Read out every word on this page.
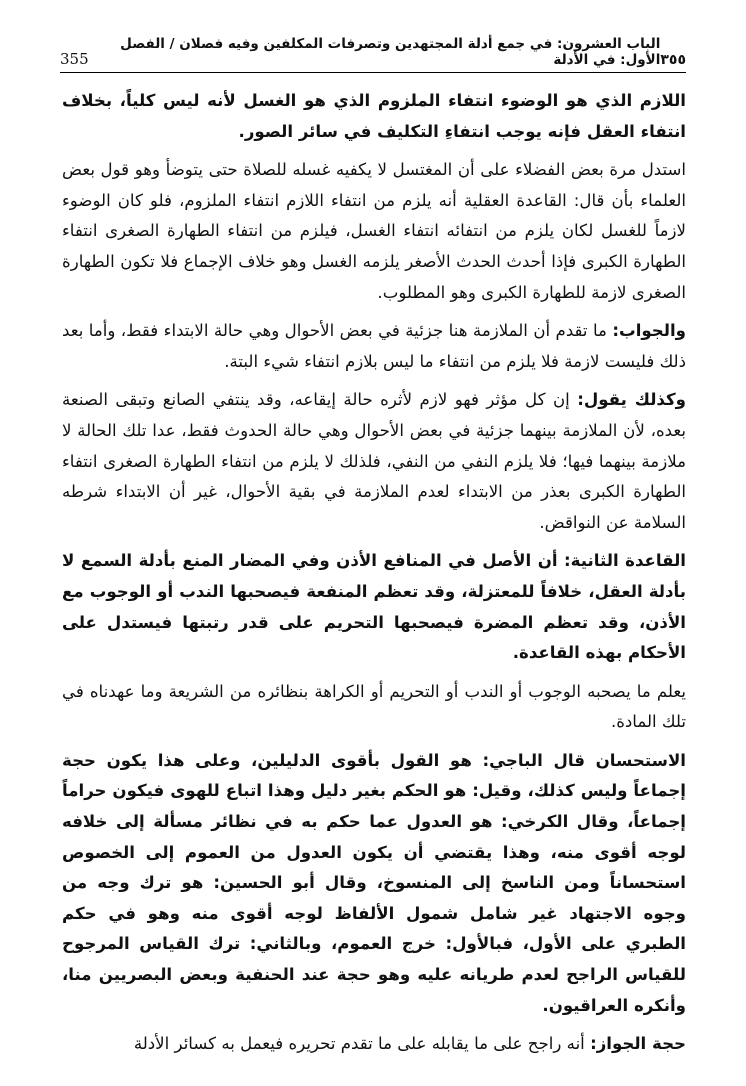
355
الباب العشرون: في جمع أدلة المجتهدين وتصرفات المكلفين وفيه فصلان / الفصل الأول: في الأدلة ٣٥٥

اللازم الذي هو الوضوء انتفاء الملزوم الذي هو الغسل لأنه ليس كلياً، بخلاف انتفاء العقل فإنه يوجب انتفاءِ التكليف في سائر الصور.

استدل مرة بعض الفضلاء على أن المغتسل لا يكفيه غسله للصلاة حتى يتوضأ وهو قول بعض العلماء بأن قال: القاعدة العقلية أنه يلزم من انتفاء اللازم انتفاء الملزوم، فلو كان الوضوء لازماً للغسل لكان يلزم من انتفائه انتفاء الغسل، فيلزم من انتفاء الطهارة الصغرى انتفاء الطهارة الكبرى فإذا أحدث الحدث الأصغر يلزمه الغسل وهو خلاف الإجماع فلا تكون الطهارة الصغرى لازمة للطهارة الكبرى وهو المطلوب.

والجواب: ما تقدم أن الملازمة هنا جزئية في بعض الأحوال وهي حالة الابتداء فقط، وأما بعد ذلك فليست لازمة فلا يلزم من انتفاء ما ليس بلازم انتفاء شيء البتة.

وكذلك يقول: إن كل مؤثر فهو لازم لأثره حالة إيقاعه، وقد ينتفي الصانع وتبقى الصنعة بعده، لأن الملازمة بينهما جزئية في بعض الأحوال وهي حالة الحدوث فقط، عدا تلك الحالة لا ملازمة بينهما فيها؛ فلا يلزم النفي من النفي، فلذلك لا يلزم من انتفاء الطهارة الصغرى انتفاء الطهارة الكبرى بعذر من الابتداء لعدم الملازمة في بقية الأحوال، غير أن الابتداء شرطه السلامة عن النواقض.

القاعدة الثانية: أن الأصل في المنافع الأذن وفي المضار المنع بأدلة السمع لا بأدلة العقل، خلافاً للمعتزلة، وقد تعظم المنفعة فيصحبها الندب أو الوجوب مع الأذن، وقد تعظم المضرة فيصحبها التحريم على قدر رتبتها فيستدل على الأحكام بهذه القاعدة.

يعلم ما يصحبه الوجوب أو الندب أو التحريم أو الكراهة بنظائره من الشريعة وما عهدناه في تلك المادة.

الاستحسان قال الباجي: هو القول بأقوى الدليلين، وعلى هذا يكون حجة إجماعاً وليس كذلك، وقيل: هو الحكم بغير دليل وهذا اتباع للهوى فيكون حراماً إجماعاً، وقال الكرخي: هو العدول عما حكم به في نظائر مسألة إلى خلافه لوجه أقوى منه، وهذا يقتضي أن يكون العدول من العموم إلى الخصوص استحساناً ومن الناسخ إلى المنسوخ، وقال أبو الحسين: هو ترك وجه من وجوه الاجتهاد غير شامل شمول الألفاظ لوجه أقوى منه وهو في حكم الطبري على الأول، فبالأول: خرج العموم، وبالثاني: ترك القياس المرجوح للقياس الراجح لعدم طريانه عليه وهو حجة عند الحنفية وبعض البصريين منا، وأنكره العراقيون.

حجة الجواز: أنه راجح على ما يقابله على ما تقدم تحريره فيعمل به كسائر الأدلة
